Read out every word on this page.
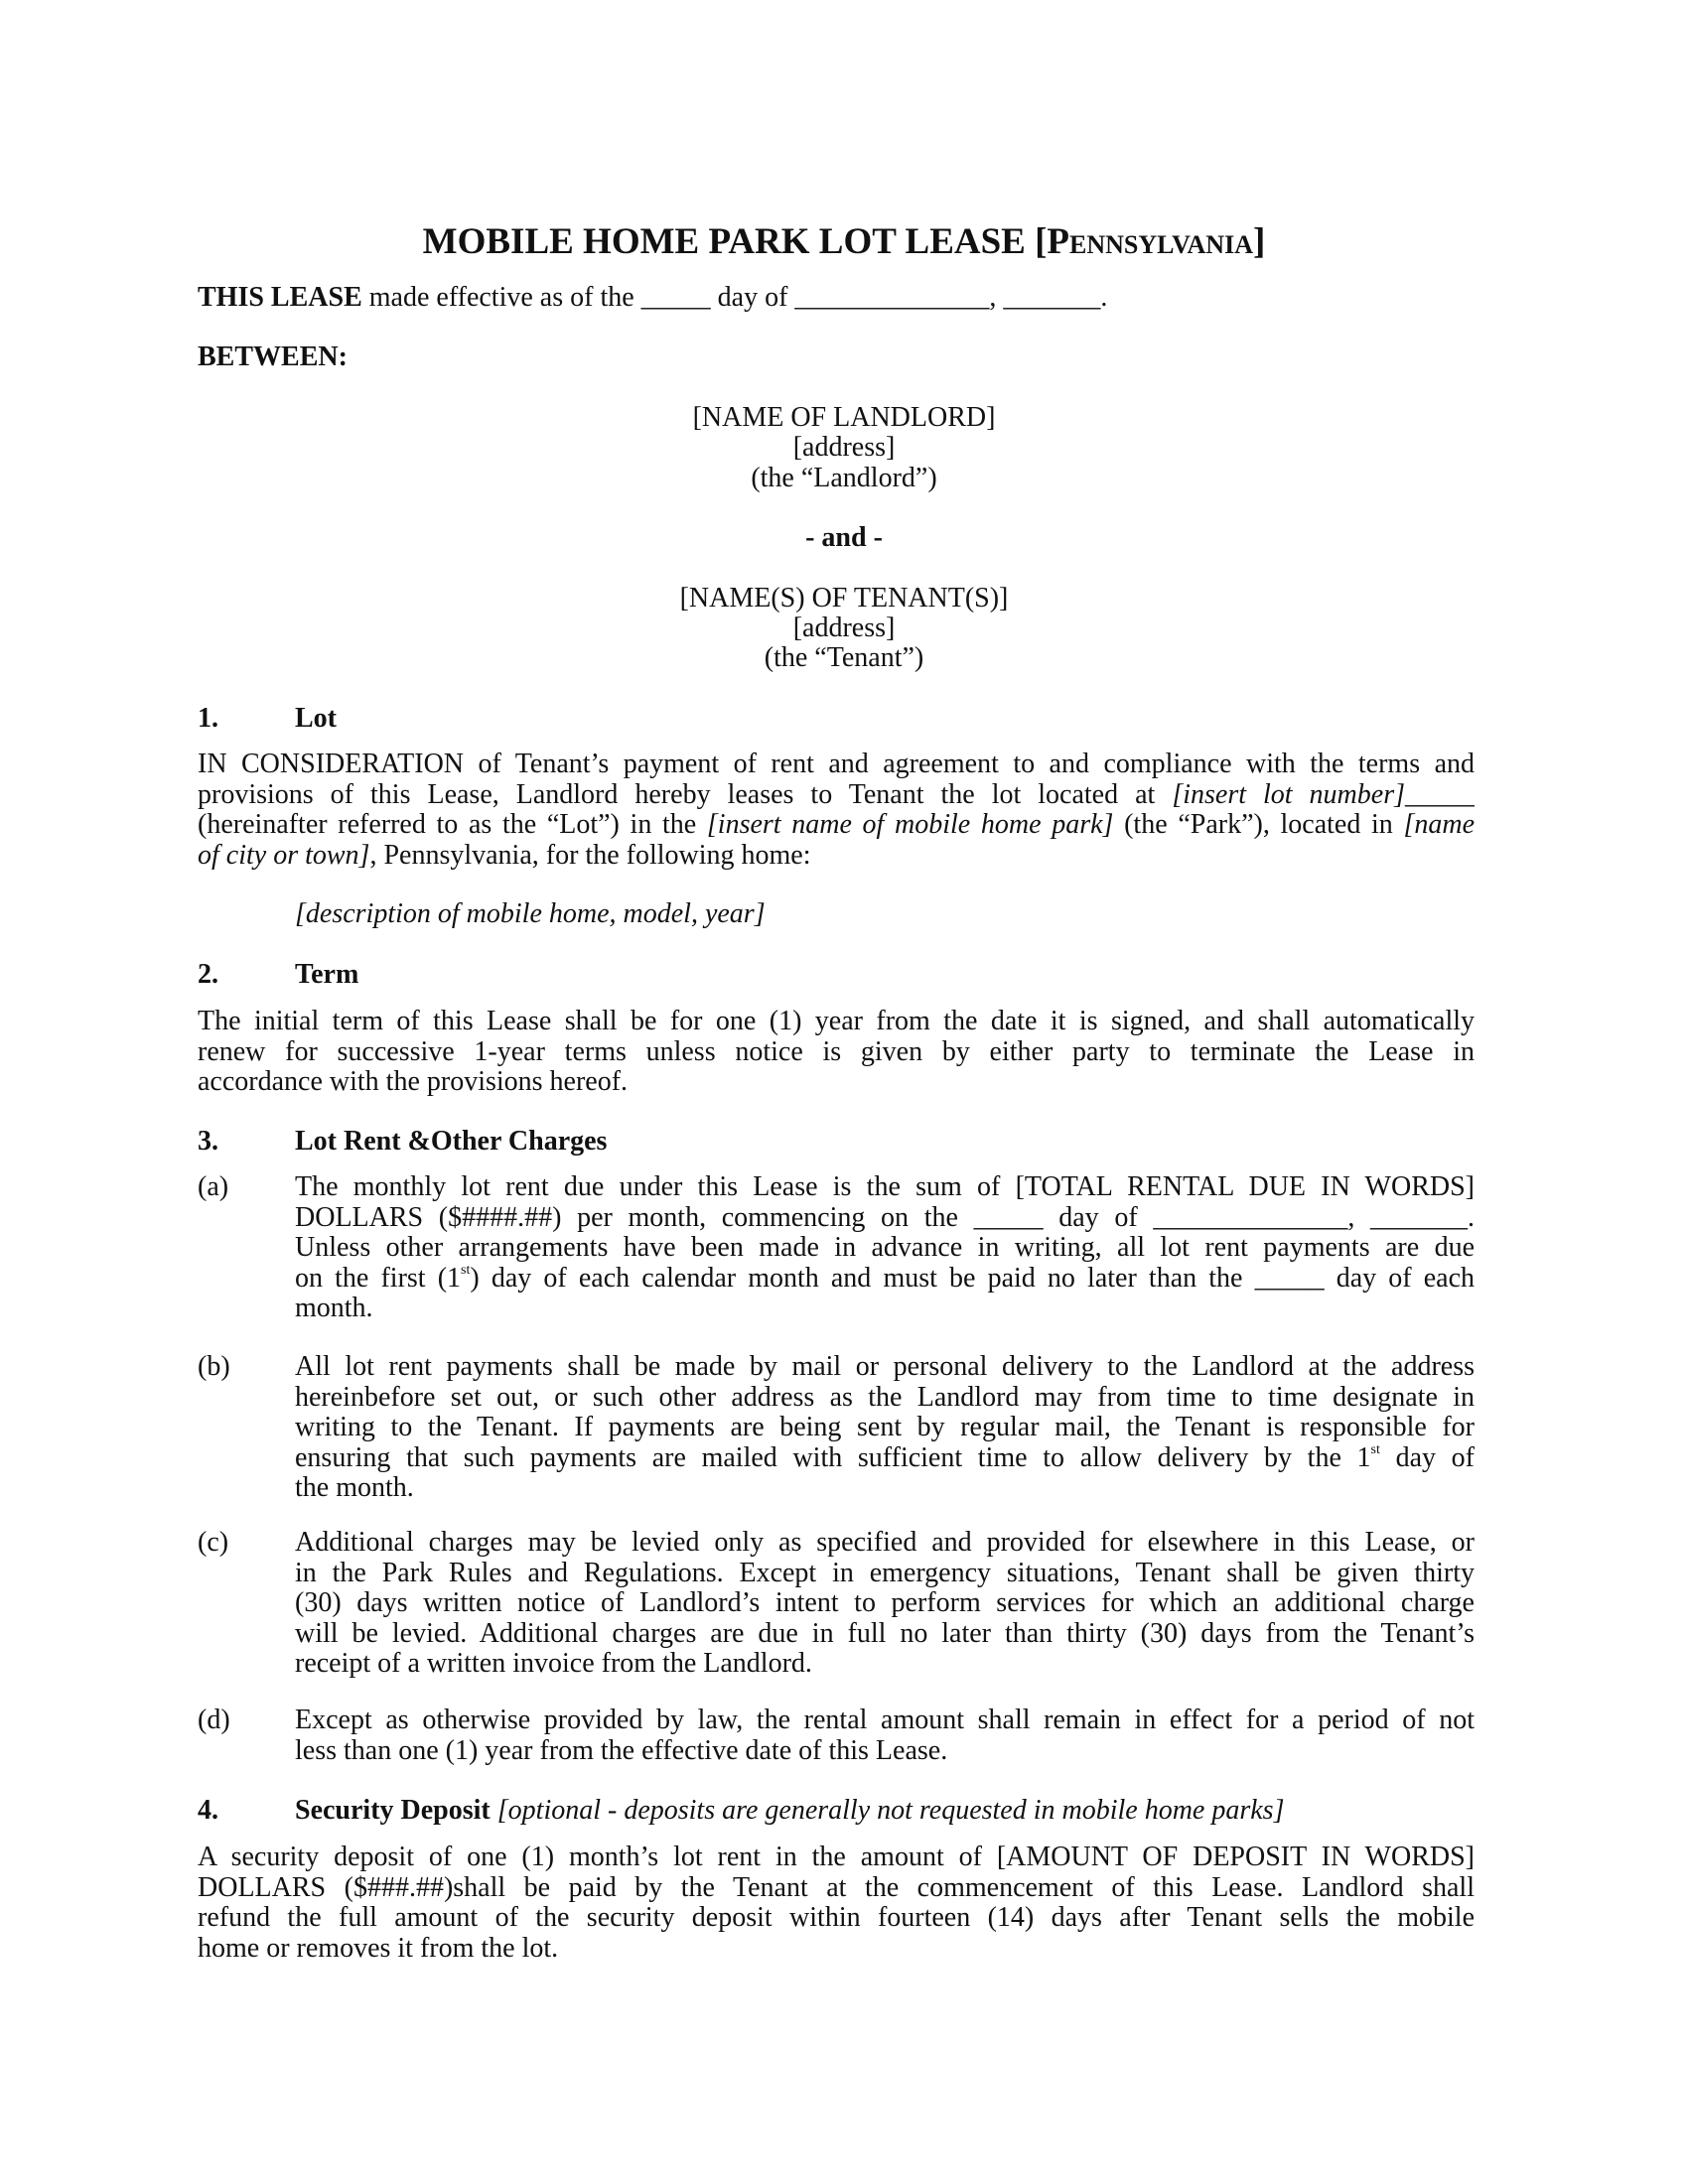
MOBILE HOME PARK LOT LEASE [Pennsylvania]
THIS LEASE made effective as of the _____ day of ______________, _______.
BETWEEN:
[NAME OF LANDLORD]
[address]
(the “Landlord”)
- and -
[NAME(S) OF TENANT(S)]
[address]
(the “Tenant”)
1.	Lot
IN CONSIDERATION of Tenant’s payment of rent and agreement to and compliance with the terms and
provisions of this Lease, Landlord hereby leases to Tenant the lot located at [insert lot number]_____
(hereinafter referred to as the “Lot”) in the [insert name of mobile home park] (the “Park”), located in [name
of city or town], Pennsylvania, for the following home:
[description of mobile home, model, year]
2.	Term
The initial term of this Lease shall be for one (1) year from the date it is signed, and shall automatically
renew for successive 1-year terms unless notice is given by either party to terminate the Lease in
accordance with the provisions hereof.
3.	Lot Rent &Other Charges
(a) The monthly lot rent due under this Lease is the sum of [TOTAL RENTAL DUE IN WORDS]
DOLLARS ($####.##) per month, commencing on the _____ day of ______________, _______.
Unless other arrangements have been made in advance in writing, all lot rent payments are due
on the first (1st) day of each calendar month and must be paid no later than the _____ day of each
month.
(b) All lot rent payments shall be made by mail or personal delivery to the Landlord at the address
hereinbefore set out, or such other address as the Landlord may from time to time designate in
writing to the Tenant. If payments are being sent by regular mail, the Tenant is responsible for
ensuring that such payments are mailed with sufficient time to allow delivery by the 1st day of
the month.
(c) Additional charges may be levied only as specified and provided for elsewhere in this Lease, or
in the Park Rules and Regulations. Except in emergency situations, Tenant shall be given thirty
(30) days written notice of Landlord’s intent to perform services for which an additional charge
will be levied. Additional charges are due in full no later than thirty (30) days from the Tenant’s
receipt of a written invoice from the Landlord.
(d) Except as otherwise provided by law, the rental amount shall remain in effect for a period of not
less than one (1) year from the effective date of this Lease.
4.	Security Deposit [optional - deposits are generally not requested in mobile home parks]
A security deposit of one (1) month’s lot rent in the amount of [AMOUNT OF DEPOSIT IN WORDS]
DOLLARS ($###.##)shall be paid by the Tenant at the commencement of this Lease. Landlord shall
refund the full amount of the security deposit within fourteen (14) days after Tenant sells the mobile
home or removes it from the lot.
